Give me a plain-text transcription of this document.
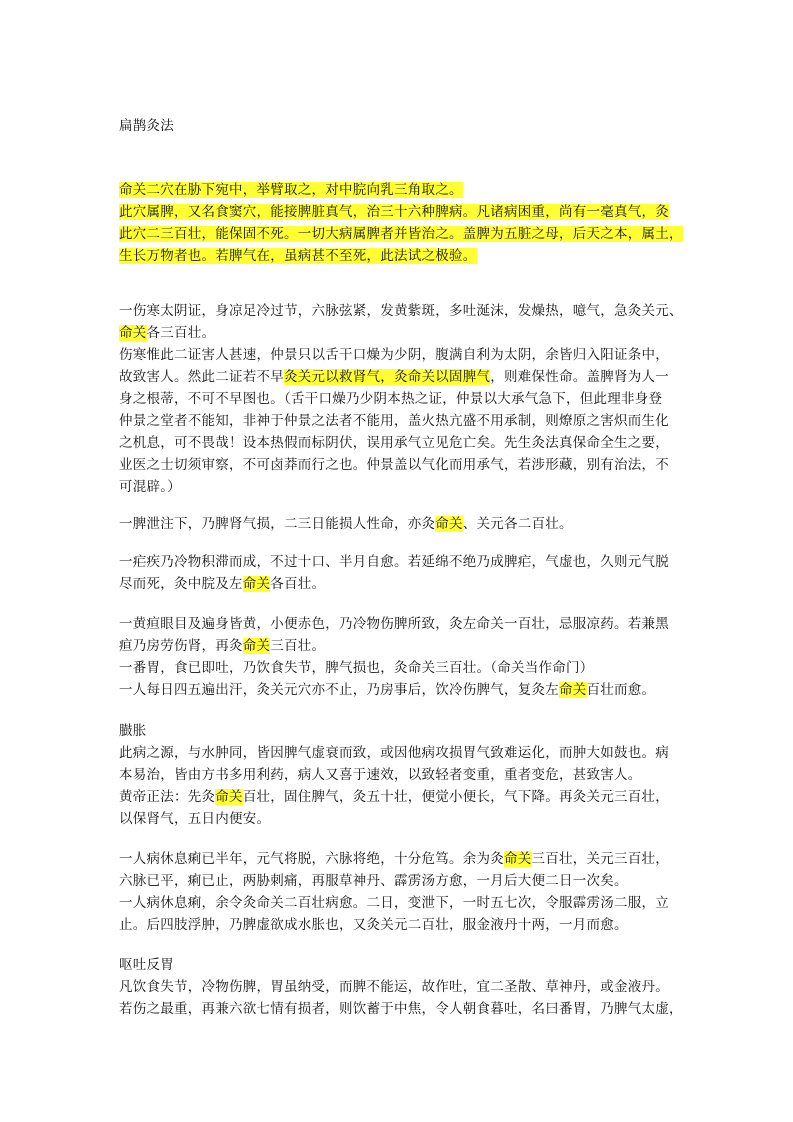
扁鹊灸法
命关二穴在胁下宛中，举臂取之，对中脘向乳三角取之。
此穴属脾，又名食窦穴，能接脾脏真气，治三十六种脾病。凡诸病困重，尚有一毫真气，灸
此穴二三百壮，能保固不死。一切大病属脾者并皆治之。盖脾为五脏之母，后天之本，属土，
生长万物者也。若脾气在，虽病甚不至死，此法试之极验。
一伤寒太阴证，身凉足冷过节，六脉弦紧，发黄紫斑，多吐涎沫，发燥热，噫气，急灸关元、
命关各三百壮。
伤寒惟此二证害人甚速，仲景只以舌干口燥为少阴，腹满自利为太阴，余皆归入阳证条中，
故致害人。然此二证若不早灸关元以救肾气，灸命关以固脾气，则难保性命。盖脾肾为人一
身之根蒂，不可不早图也。（舌干口燥乃少阴本热之证，仲景以大承气急下，但此理非身登
仲景之堂者不能知，非神于仲景之法者不能用，盖火热亢盛不用承制，则燎原之害炽而生化
之机息，可不畏哉！设本热假而标阴伏，误用承气立见危亡矣。先生灸法真保命全生之要，
业医之士切须审察，不可卤莽而行之也。仲景盖以气化而用承气，若涉形藏，别有治法，不
可混辟。）
一脾泄注下，乃脾肾气损，二三日能损人性命，亦灸命关、关元各二百壮。
一疟疾乃冷物积滞而成，不过十口、半月自愈。若延绵不绝乃成脾疟，气虚也，久则元气脱
尽而死，灸中脘及左命关各百壮。
一黄疸眼目及遍身皆黄，小便赤色，乃冷物伤脾所致，灸左命关一百壮，忌服凉药。若兼黑
疸乃房劳伤肾，再灸命关三百壮。
一番胃，食已即吐，乃饮食失节，脾气损也，灸命关三百壮。（命关当作命门）
一人每日四五遍出汗，灸关元穴亦不止，乃房事后，饮冷伤脾气，复灸左命关百壮而愈。
臌胀
此病之源，与水肿同，皆因脾气虚衰而致，或因他病攻损胃气致难运化，而肿大如鼓也。病
本易治，皆由方书多用利药，病人又喜于速效，以致轻者变重，重者变危，甚致害人。
黄帝正法：先灸命关百壮，固住脾气，灸五十壮，便觉小便长，气下降。再灸关元三百壮，
以保肾气，五日内便安。
一人病休息痢已半年，元气将脱，六脉将绝，十分危笃。余为灸命关三百壮，关元三百壮，
六脉已平，痢已止，两胁刺痛，再服草神丹、霹雳汤方愈，一月后大便二日一次矣。
一人病休息痢，余令灸命关二百壮病愈。二日，变泄下，一时五七次，令服霹雳汤二服，立
止。后四肢浮肿，乃脾虚欲成水胀也，又灸关元二百壮，服金液丹十两，一月而愈。
呕吐反胃
凡饮食失节，冷物伤脾，胃虽纳受，而脾不能运，故作吐，宜二圣散、草神丹，或金液丹。
若伤之最重，再兼六欲七情有损者，则饮蓄于中焦，令人朝食暮吐，名曰番胃，乃脾气太虚，
